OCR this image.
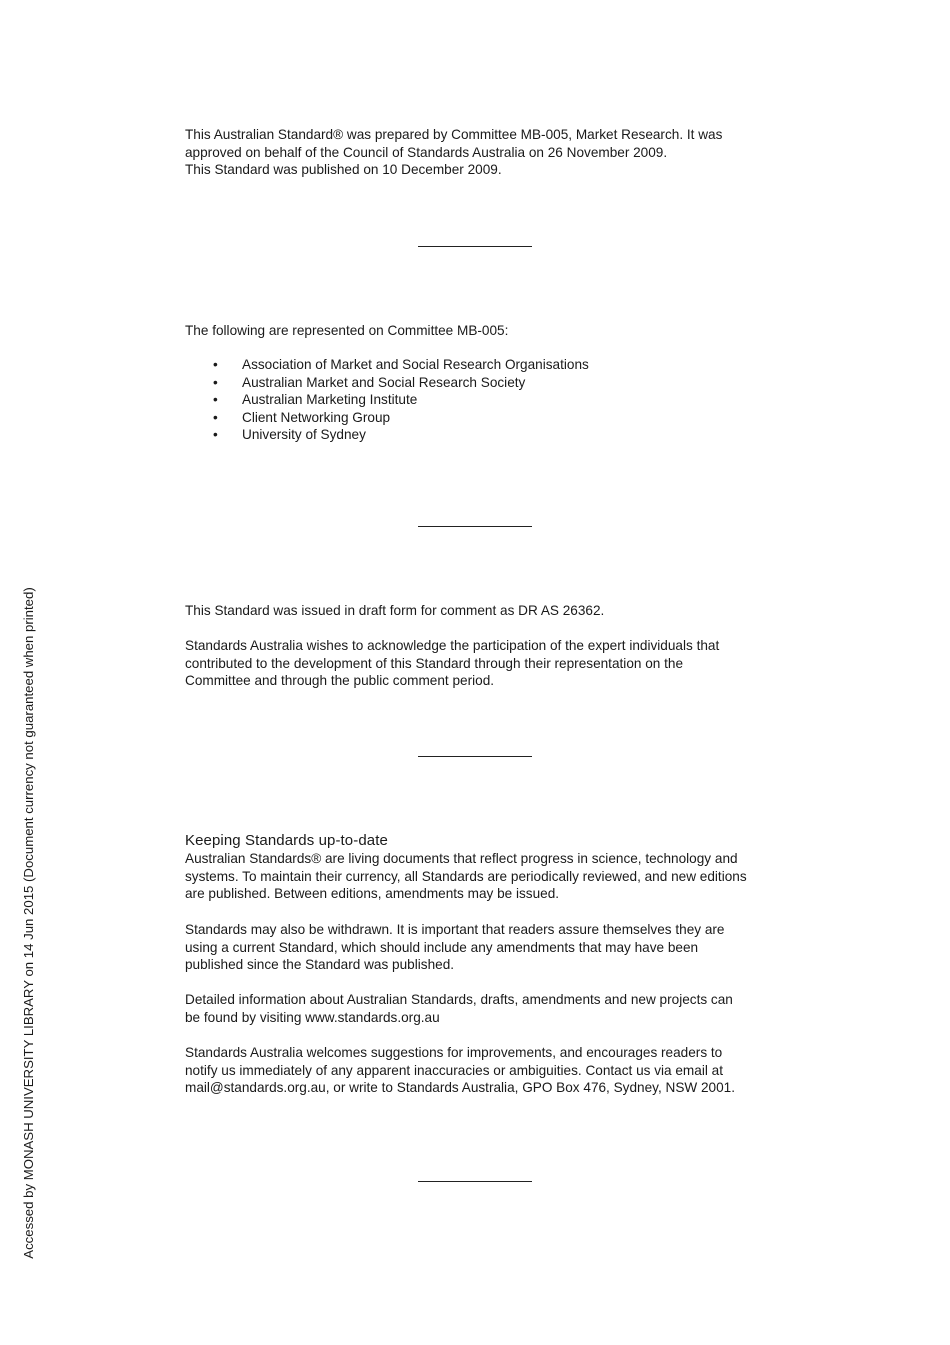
Accessed by MONASH UNIVERSITY LIBRARY on 14 Jun 2015 (Document currency not guaranteed when printed)
This Australian Standard® was prepared by Committee MB-005, Market Research. It was
approved on behalf of the Council of Standards Australia on 26 November 2009.
This Standard was published on 10 December 2009.
The following are represented on Committee MB-005:
• Association of Market and Social Research Organisations
• Australian Market and Social Research Society
• Australian Marketing Institute
• Client Networking Group
• University of Sydney
This Standard was issued in draft form for comment as DR AS 26362.
Standards Australia wishes to acknowledge the participation of the expert individuals that
contributed to the development of this Standard through their representation on the
Committee and through the public comment period.
Keeping Standards up-to-date

Australian Standards® are living documents that reflect progress in science, technology and
systems. To maintain their currency, all Standards are periodically reviewed, and new editions
are published. Between editions, amendments may be issued.

Standards may also be withdrawn. It is important that readers assure themselves they are
using a current Standard, which should include any amendments that may have been
published since the Standard was published.
Detailed information about Australian Standards, drafts, amendments and new projects can
be found by visiting www.standards.org.au
Standards Australia welcomes suggestions for improvements, and encourages readers to
notify us immediately of any apparent inaccuracies or ambiguities. Contact us via email at
mail@standards.org.au, or write to Standards Australia, GPO Box 476, Sydney, NSW 2001.
